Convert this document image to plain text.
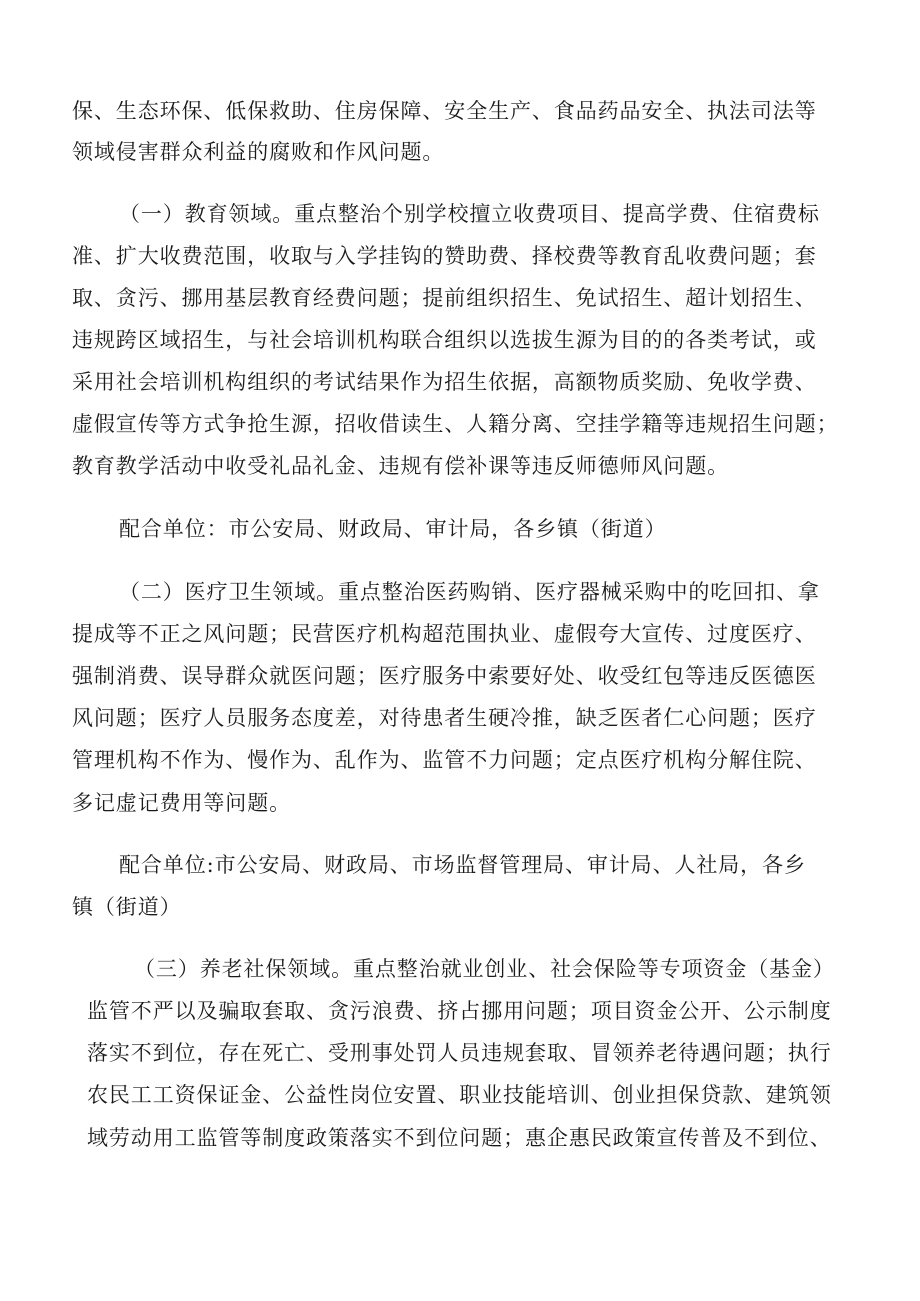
保、生态环保、低保救助、住房保障、安全生产、食品药品安全、执法司法等
领域侵害群众利益的腐败和作风问题。
（一）教育领域。重点整治个别学校擅立收费项目、提高学费、住宿费标
准、扩大收费范围，收取与入学挂钩的赞助费、择校费等教育乱收费问题；套
取、贪污、挪用基层教育经费问题；提前组织招生、免试招生、超计划招生、
违规跨区域招生，与社会培训机构联合组织以选拔生源为目的的各类考试，或
采用社会培训机构组织的考试结果作为招生依据，高额物质奖励、免收学费、
虚假宣传等方式争抢生源，招收借读生、人籍分离、空挂学籍等违规招生问题；
教育教学活动中收受礼品礼金、违规有偿补课等违反师德师风问题。
配合单位：市公安局、财政局、审计局，各乡镇（街道）
（二）医疗卫生领域。重点整治医药购销、医疗器械采购中的吃回扣、拿
提成等不正之风问题；民营医疗机构超范围执业、虚假夸大宣传、过度医疗、
强制消费、误导群众就医问题；医疗服务中索要好处、收受红包等违反医德医
风问题；医疗人员服务态度差，对待患者生硬冷推，缺乏医者仁心问题；医疗
管理机构不作为、慢作为、乱作为、监管不力问题；定点医疗机构分解住院、
多记虚记费用等问题。
配合单位:市公安局、财政局、市场监督管理局、审计局、人社局，各乡
镇（街道）
（三）养老社保领域。重点整治就业创业、社会保险等专项资金（基金）
监管不严以及骗取套取、贪污浪费、挤占挪用问题；项目资金公开、公示制度
落实不到位，存在死亡、受刑事处罚人员违规套取、冒领养老待遇问题；执行
农民工工资保证金、公益性岗位安置、职业技能培训、创业担保贷款、建筑领
域劳动用工监管等制度政策落实不到位问题；惠企惠民政策宣传普及不到位、
